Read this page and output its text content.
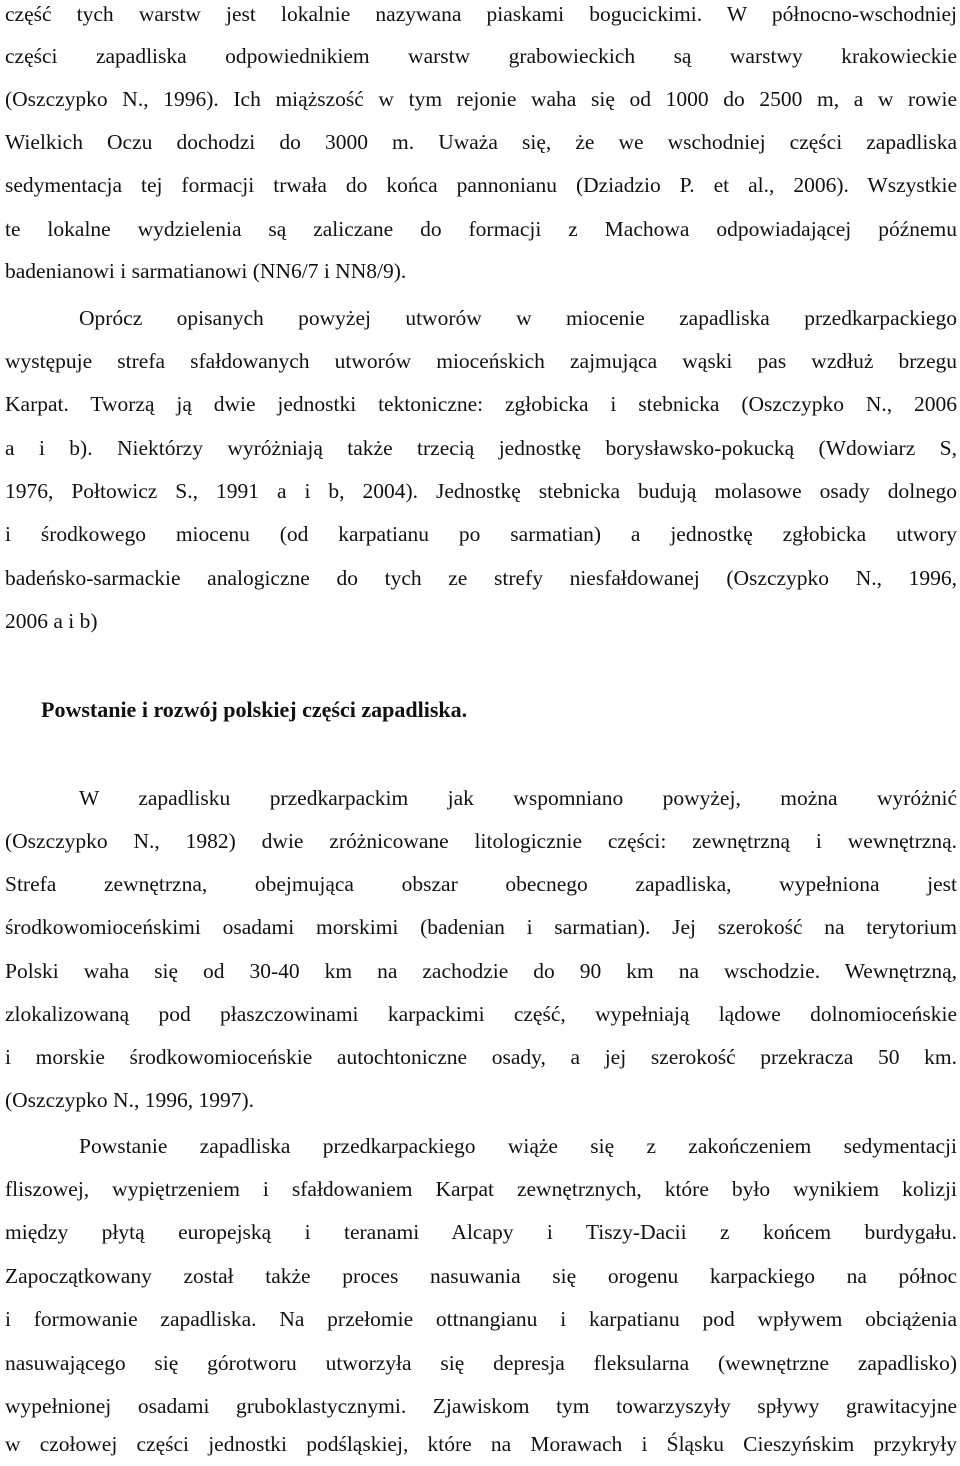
część tych warstw jest lokalnie nazywana piaskami bogucickimi. W północno-wschodniej
części zapadliska odpowiednikiem warstw grabowieckich są warstwy krakowieckie
(Oszczypko N., 1996). Ich miąższość w tym rejonie waha się od 1000 do 2500 m, a w rowie
Wielkich Oczu dochodzi do 3000 m. Uważa się, że we wschodniej części zapadliska
sedymentacja tej formacji trwała do końca pannonianu (Dziadzio P. et al., 2006). Wszystkie
te lokalne wydzielenia są zaliczane do formacji z Machowa odpowiadającej późnemu
badenianowi i sarmatianowi (NN6/7 i NN8/9).
Oprócz opisanych powyżej utworów w miocenie zapadliska przedkarpackiego
występuje strefa sfałdowanych utworów mioceńskich zajmująca wąski pas wzdłuż brzegu
Karpat. Tworzą ją dwie jednostki tektoniczne: zgłobicka i stebnicka (Oszczypko N., 2006
a i b). Niektórzy wyróżniają także trzecią jednostkę borysławsko-pokucką (Wdowiarz S,
1976, Połtowicz S., 1991 a i b, 2004). Jednostkę stebnicka budują molasowe osady dolnego
i środkowego miocenu (od karpatianu po sarmatian) a jednostkę zgłobicka utwory
badeńsko-sarmackie analogiczne do tych ze strefy niesfałdowanej (Oszczypko N., 1996,
2006 a i b)
Powstanie i rozwój polskiej części zapadliska.
W zapadlisku przedkarpackim jak wspomniano powyżej, można wyróżnić
(Oszczypko N., 1982) dwie zróżnicowane litologicznie części: zewnętrzną i wewnętrzną.
Strefa zewnętrzna, obejmująca obszar obecnego zapadliska, wypełniona jest
środkowomioceńskimi osadami morskimi (badenian i sarmatian). Jej szerokość na terytorium
Polski waha się od 30-40 km na zachodzie do 90 km na wschodzie. Wewnętrzną,
zlokalizowaną pod płaszczowinami karpackimi część, wypełniają lądowe dolnomioceńskie
i morskie środkowomioceńskie autochtoniczne osady, a jej szerokość przekracza 50 km.
(Oszczypko N., 1996, 1997).
Powstanie zapadliska przedkarpackiego wiąże się z zakończeniem sedymentacji
fliszowej, wypiętrzeniem i sfałdowaniem Karpat zewnętrznych, które było wynikiem kolizji
między płytą europejską i teranami Alcapy i Tiszy-Dacii z końcem burdygału.
Zapoczątkowany został także proces nasuwania się orogenu karpackiego na północ
i formowanie zapadliska. Na przełomie ottnangianu i karpatianu pod wpływem obciążenia
nasuwającego się górotworu utworzyła się depresja fleksularna (wewnętrzne zapadlisko)
wypełnionej osadami gruboklastycznymi. Zjawiskom tym towarzyszyły spływy grawitacyjne
w czołowej części jednostki podśląskiej, które na Morawach i Śląsku Cieszyńskim przykryły
